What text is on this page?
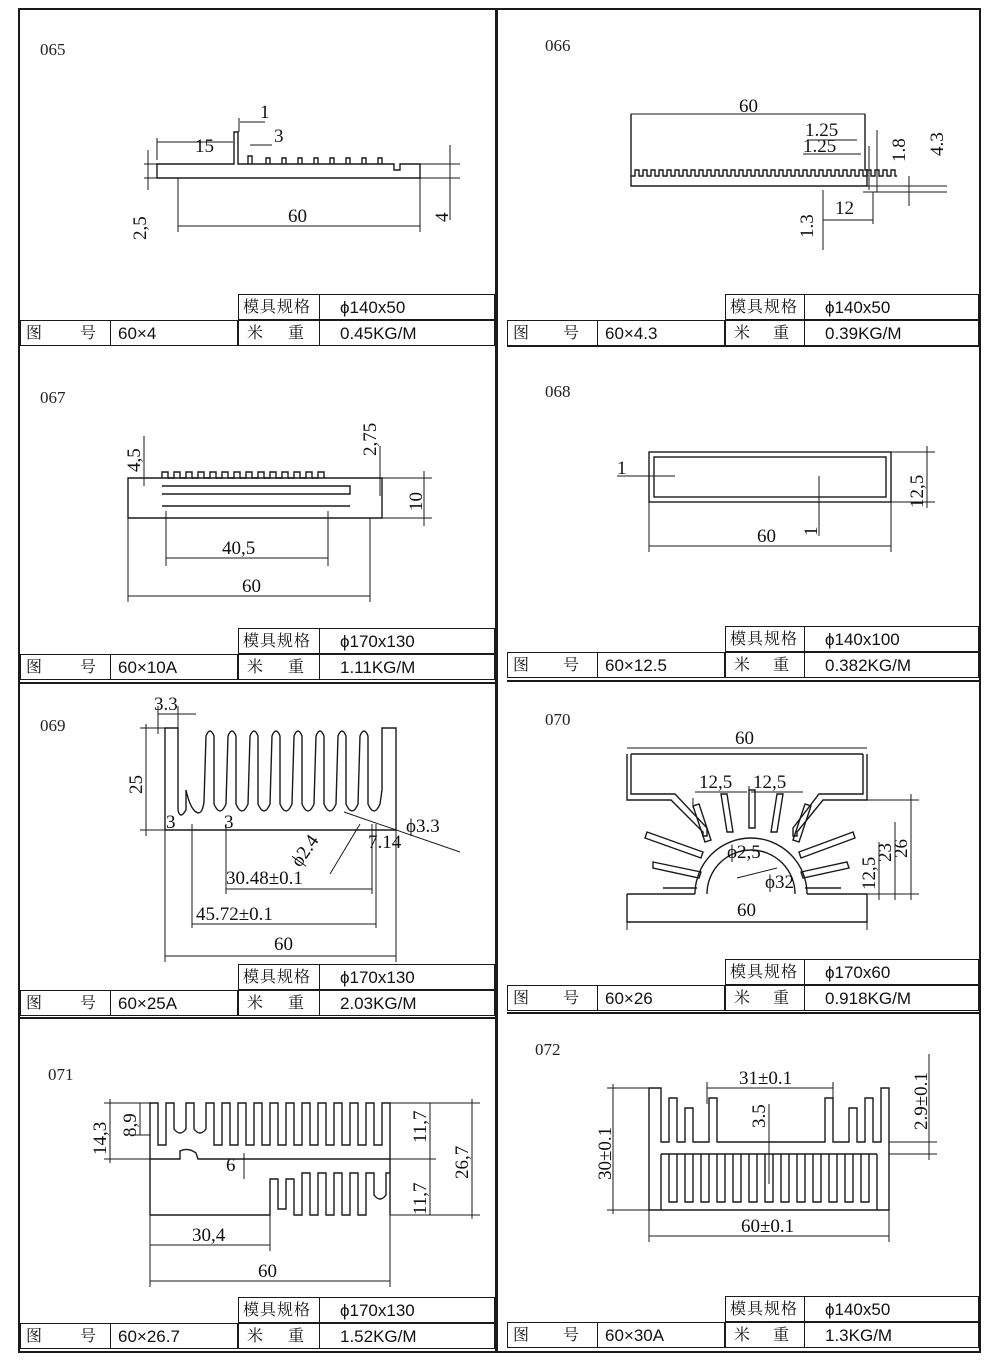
065
15
1
3
2,5	60	4
模具规格 ϕ140x50
图 号 60×4	米 重 0.45KG/M
066
60
1.25
1.25	1.8 4.3
12
1.3
模具规格 ϕ140x50
图 号 60×4.3	米 重 0.39KG/M
067
4,5
2,75
10
40,5
60
模具规格 ϕ170x130
图 号 60×10A	米 重 1.11KG/M
068
1
12,5
60 1
模具规格 ϕ140x100
图 号 60×12.5	米 重 0.382KG/M
069
3.3
25
3	3	ϕ3.3
ϕ2.4 7.14
30.48±0.1
45.72±0.1
60
模具规格 ϕ170x130
图 号 60×25A	米 重 2.03KG/M
070
60
12,5 12,5
ϕ2,5
ϕ32
23
26
12,5
60
模具规格 ϕ170x60
图 号 60×26	米 重 0.918KG/M
071
14,3 8,9	11,7
26,7
6
11,7
30,4
60
模具规格 ϕ170x130
图 号 60×26.7	米 重 1.52KG/M
072
31±0.1
3.5	2.9±0.1
30±0.1
60±0.1
模具规格 ϕ140x50
图 号 60×30A	米 重 1.3KG/M
